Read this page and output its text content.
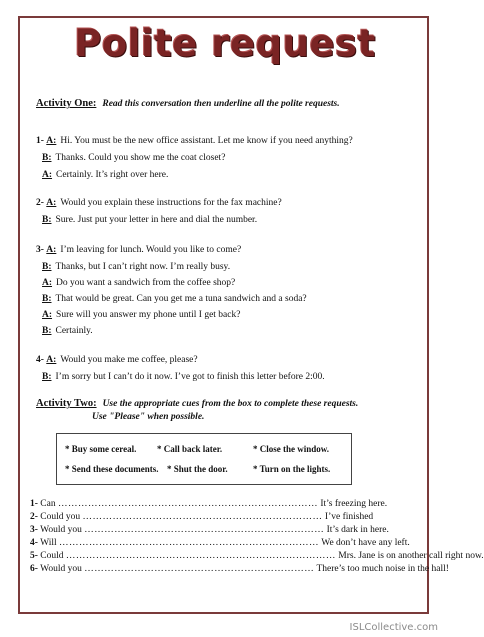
Polite request
Activity One: Read this conversation then underline all the polite requests.
1- A: Hi. You must be the new office assistant. Let me know if you need anything?
B: Thanks. Could you show me the coat closet?
A: Certainly. It’s right over here.
2- A: Would you explain these instructions for the fax machine?
B: Sure. Just put your letter in here and dial the number.
3- A: I’m leaving for lunch. Would you like to come?
B: Thanks, but I can’t right now. I’m really busy.
A: Do you want a sandwich from the coffee shop?
B: That would be great. Can you get me a tuna sandwich and a soda?
A: Sure will you answer my phone until I get back?
B: Certainly.
4- A: Would you make me coffee, please?
B: I’m sorry but I can’t do it now. I’ve got to finish this letter before 2:00.
Activity Two: Use the appropriate cues from the box to complete these requests.
Use "Please" when possible.
* Buy some cereal. * Call back later.	* Close the window.
* Send these documents. * Shut the door.	* Turn on the lights.
1- Can …………………………………………………………………… It’s freezing here.
2- Could you ……………………………………………………………… I’ve finished
3- Would you ……………………………………………………………… It’s dark in here.
4- Will …………………………………………………………………… We don’t have any left.
5- Could ……………………………………………………………………… Mrs. Jane is on another call right now.
6- Would you …………………………………………………………… There’s too much noise in the hall!
ISLCollective.com
